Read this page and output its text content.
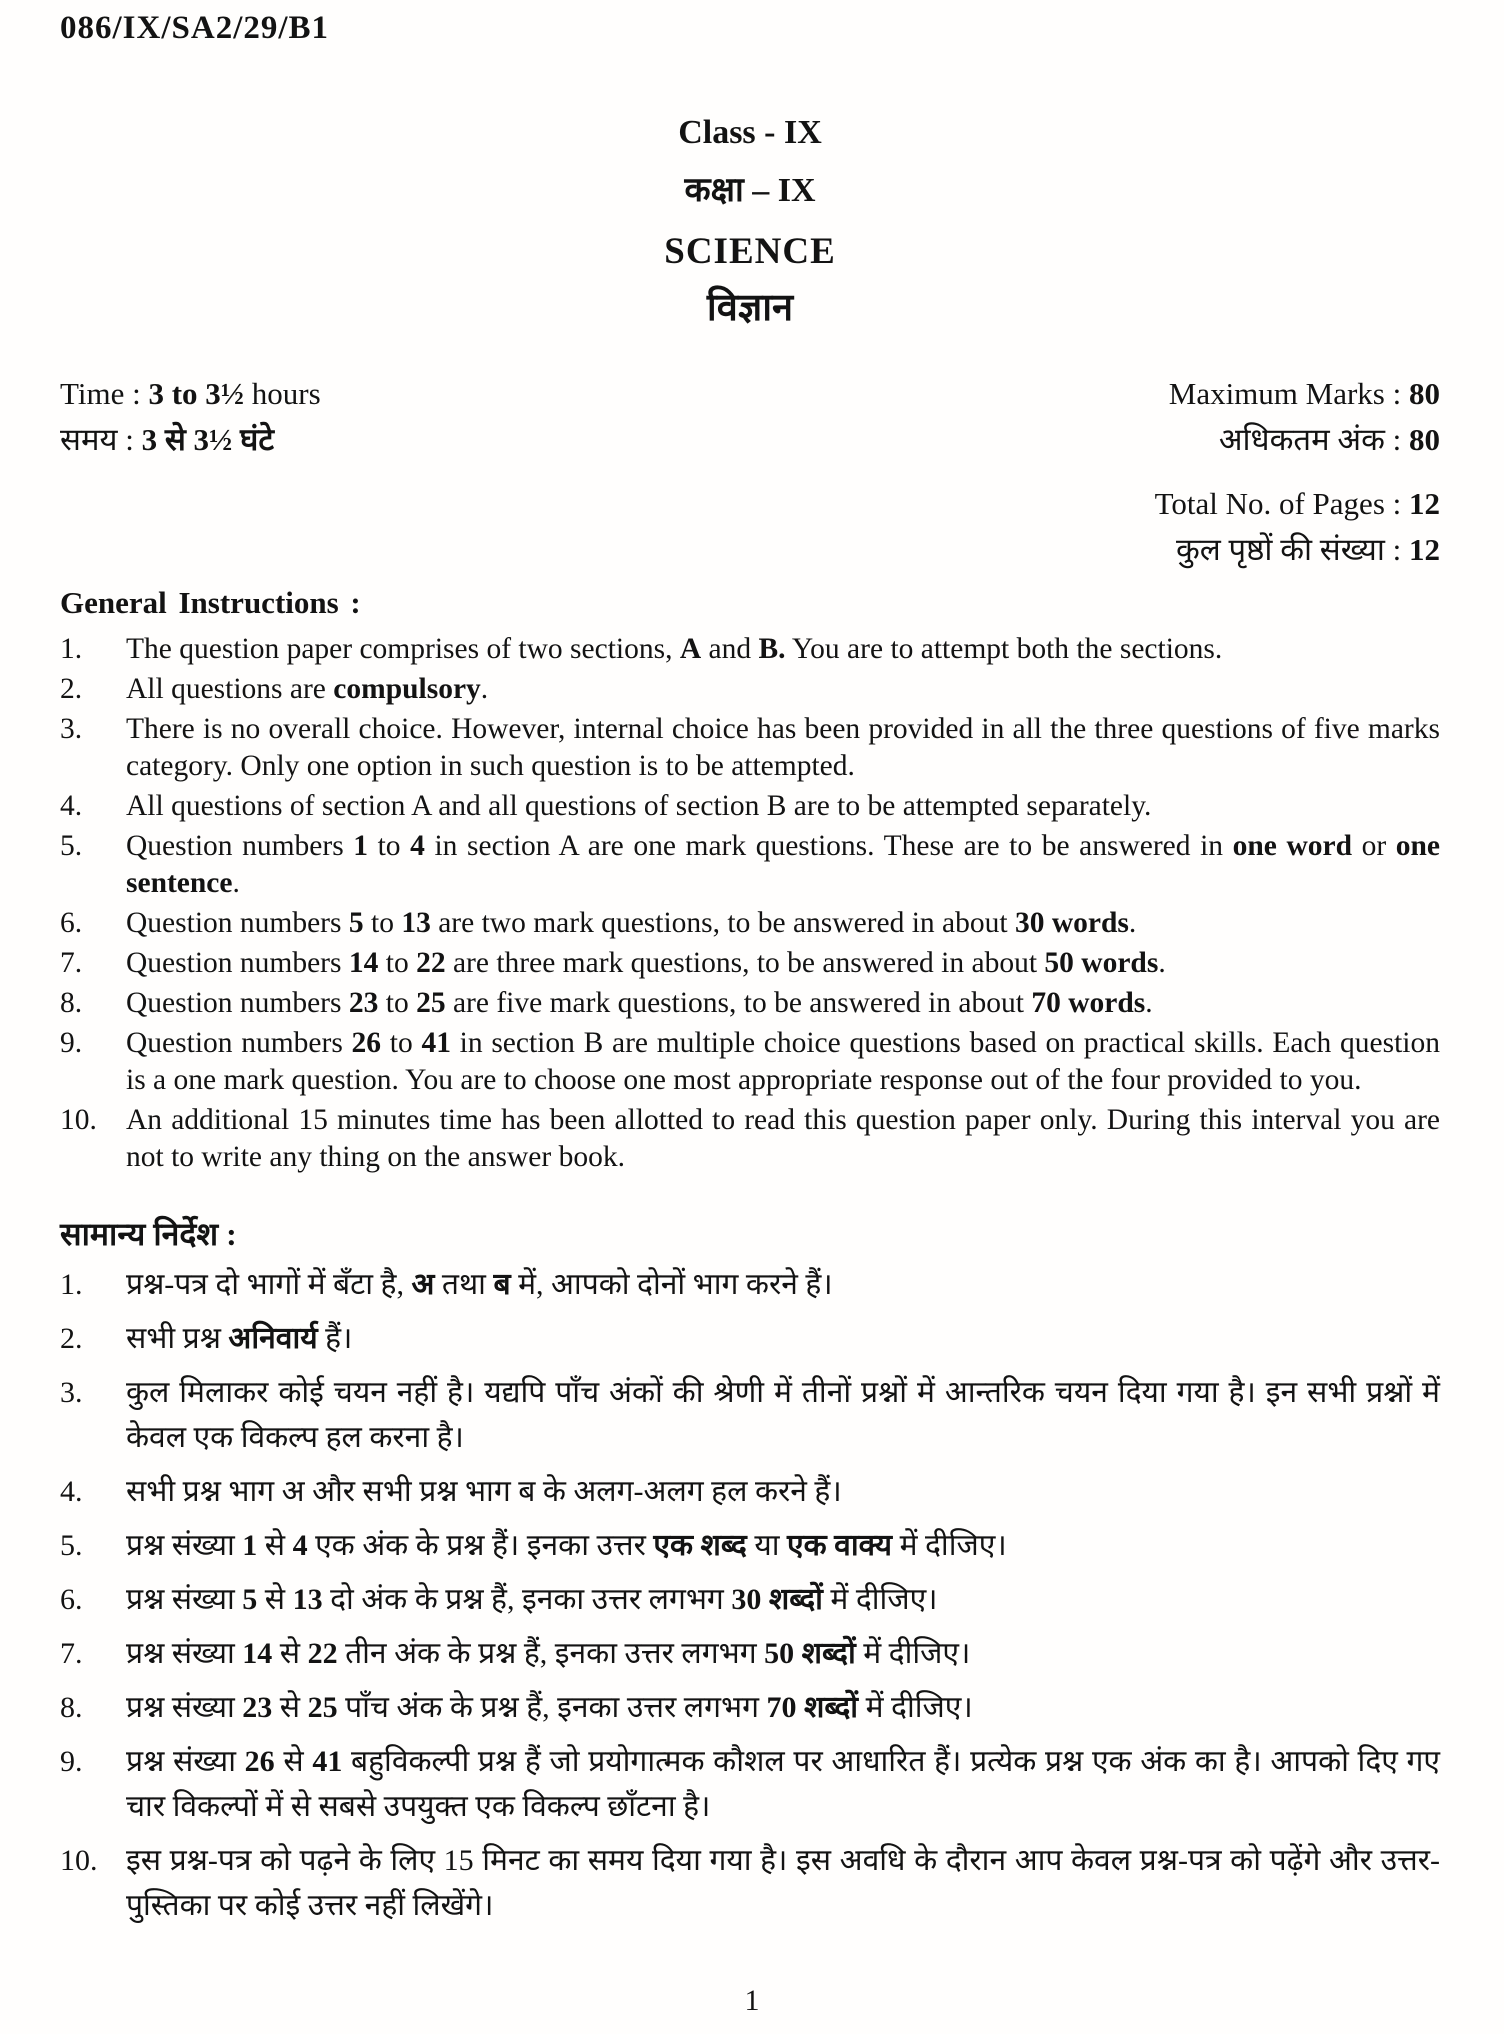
086/IX/SA2/29/B1
Class - IX
कक्षा – IX
SCIENCE
विज्ञान
Time : 3 to 3½ hours
समय : 3 से 3½ घंटे
Maximum Marks : 80
अधिकतम अंक : 80
Total No. of Pages : 12
कुल पृष्ठों की संख्या : 12
General Instructions :
1.	The question paper comprises of two sections, A and B. You are to attempt both the sections.
2.	All questions are compulsory.
3.	There is no overall choice. However, internal choice has been provided in all the three questions of five marks category. Only one option in such question is to be attempted.
4.	All questions of section A and all questions of section B are to be attempted separately.
5.	Question numbers 1 to 4 in section A are one mark questions. These are to be answered in one word or one sentence.
6.	Question numbers 5 to 13 are two mark questions, to be answered in about 30 words.
7.	Question numbers 14 to 22 are three mark questions, to be answered in about 50 words.
8.	Question numbers 23 to 25 are five mark questions, to be answered in about 70 words.
9.	Question numbers 26 to 41 in section B are multiple choice questions based on practical skills. Each question is a one mark question. You are to choose one most appropriate response out of the four provided to you.
10. An additional 15 minutes time has been allotted to read this question paper only. During this interval you are not to write any thing on the answer book.
सामान्य निर्देश :
1.	प्रश्न-पत्र दो भागों में बँटा है, अ तथा ब में, आपको दोनों भाग करने हैं।
2.	सभी प्रश्न अनिवार्य हैं।
3.	कुल मिलाकर कोई चयन नहीं है। यद्यपि पाँच अंकों की श्रेणी में तीनों प्रश्नों में आन्तरिक चयन दिया गया है। इन सभी प्रश्नों में केवल एक विकल्प हल करना है।
4.	सभी प्रश्न भाग अ और सभी प्रश्न भाग ब के अलग-अलग हल करने हैं।
5.	प्रश्न संख्या 1 से 4 एक अंक के प्रश्न हैं। इनका उत्तर एक शब्द या एक वाक्य में दीजिए।
6.	प्रश्न संख्या 5 से 13 दो अंक के प्रश्न हैं, इनका उत्तर लगभग 30 शब्दों में दीजिए।
7.	प्रश्न संख्या 14 से 22 तीन अंक के प्रश्न हैं, इनका उत्तर लगभग 50 शब्दों में दीजिए।
8.	प्रश्न संख्या 23 से 25 पाँच अंक के प्रश्न हैं, इनका उत्तर लगभग 70 शब्दों में दीजिए।
9.	प्रश्न संख्या 26 से 41 बहुविकल्पी प्रश्न हैं जो प्रयोगात्मक कौशल पर आधारित हैं। प्रत्येक प्रश्न एक अंक का है। आपको दिए गए चार विकल्पों में से सबसे उपयुक्त एक विकल्प छाँटना है।
10. इस प्रश्न-पत्र को पढ़ने के लिए 15 मिनट का समय दिया गया है। इस अवधि के दौरान आप केवल प्रश्न-पत्र को पढ़ेंगे और उत्तर-पुस्तिका पर कोई उत्तर नहीं लिखेंगे।
1
